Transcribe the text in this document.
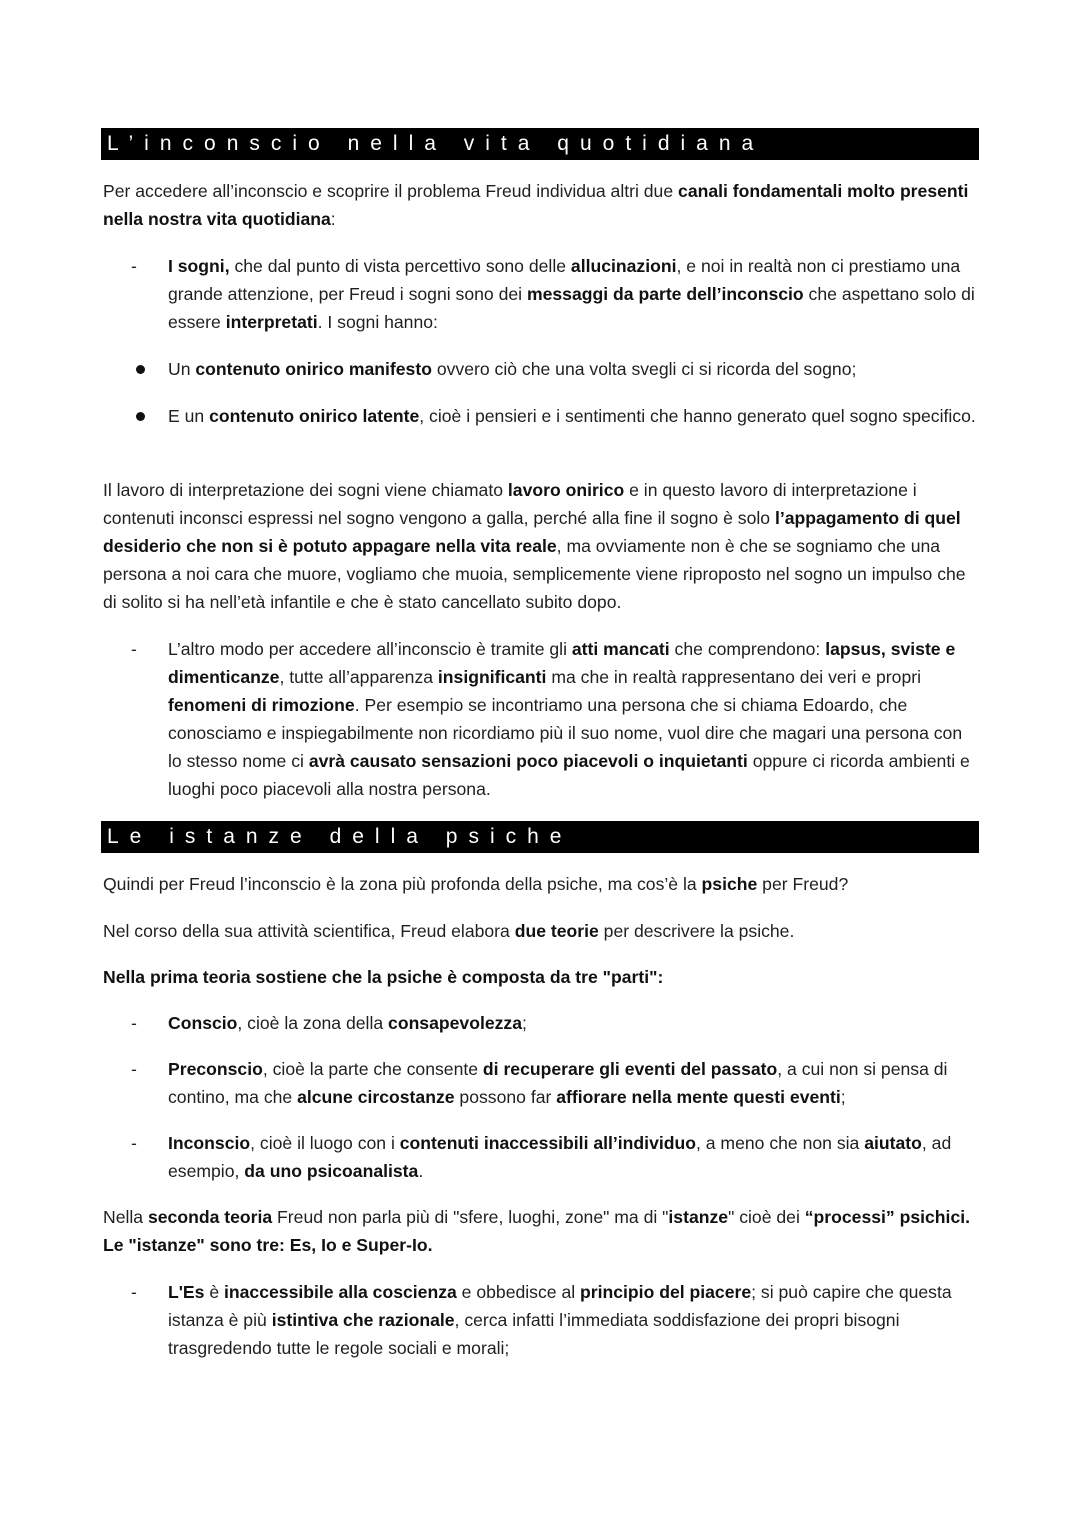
L’inconscio nella vita quotidiana
Per accedere all’inconscio e scoprire il problema Freud individua altri due canali fondamentali molto presenti nella nostra vita quotidiana:
- I sogni, che dal punto di vista percettivo sono delle allucinazioni, e noi in realtà non ci prestiamo una grande attenzione, per Freud i sogni sono dei messaggi da parte dell’inconscio che aspettano solo di essere interpretati. I sogni hanno:
Un contenuto onirico manifesto ovvero ciò che una volta svegli ci si ricorda del sogno;
E un contenuto onirico latente, cioè i pensieri e i sentimenti che hanno generato quel sogno specifico.
Il lavoro di interpretazione dei sogni viene chiamato lavoro onirico e in questo lavoro di interpretazione i contenuti inconsci espressi nel sogno vengono a galla, perché alla fine il sogno è solo l’appagamento di quel desiderio che non si è potuto appagare nella vita reale, ma ovviamente non è che se sogniamo che una persona a noi cara che muore, vogliamo che muoia, semplicemente viene riproposto nel sogno un impulso che di solito si ha nell’età infantile e che è stato cancellato subito dopo.
- L’altro modo per accedere all’inconscio è tramite gli atti mancati che comprendono: lapsus, sviste e dimenticanze, tutte all’apparenza insignificanti ma che in realtà rappresentano dei veri e propri fenomeni di rimozione. Per esempio se incontriamo una persona che si chiama Edoardo, che conosciamo e inspiegabilmente non ricordiamo più il suo nome, vuol dire che magari una persona con lo stesso nome ci avrà causato sensazioni poco piacevoli o inquietanti oppure ci ricorda ambienti e luoghi poco piacevoli alla nostra persona.
Le istanze della psiche
Quindi per Freud l’inconscio è la zona più profonda della psiche, ma cos’è la psiche per Freud?
Nel corso della sua attività scientifica, Freud elabora due teorie per descrivere la psiche.
Nella prima teoria sostiene che la psiche è composta da tre "parti":
- Conscio, cioè la zona della consapevolezza;
- Preconscio, cioè la parte che consente di recuperare gli eventi del passato, a cui non si pensa di contino, ma che alcune circostanze possono far affiorare nella mente questi eventi;
- Inconscio, cioè il luogo con i contenuti inaccessibili all’individuo, a meno che non sia aiutato, ad esempio, da uno psicoanalista.
Nella seconda teoria Freud non parla più di "sfere, luoghi, zone" ma di "istanze" cioè dei “processi” psichici. Le "istanze" sono tre: Es, Io e Super-Io.
- L'Es è inaccessibile alla coscienza e obbedisce al principio del piacere; si può capire che questa istanza è più istintiva che razionale, cerca infatti l’immediata soddisfazione dei propri bisogni trasgredendo tutte le regole sociali e morali;
